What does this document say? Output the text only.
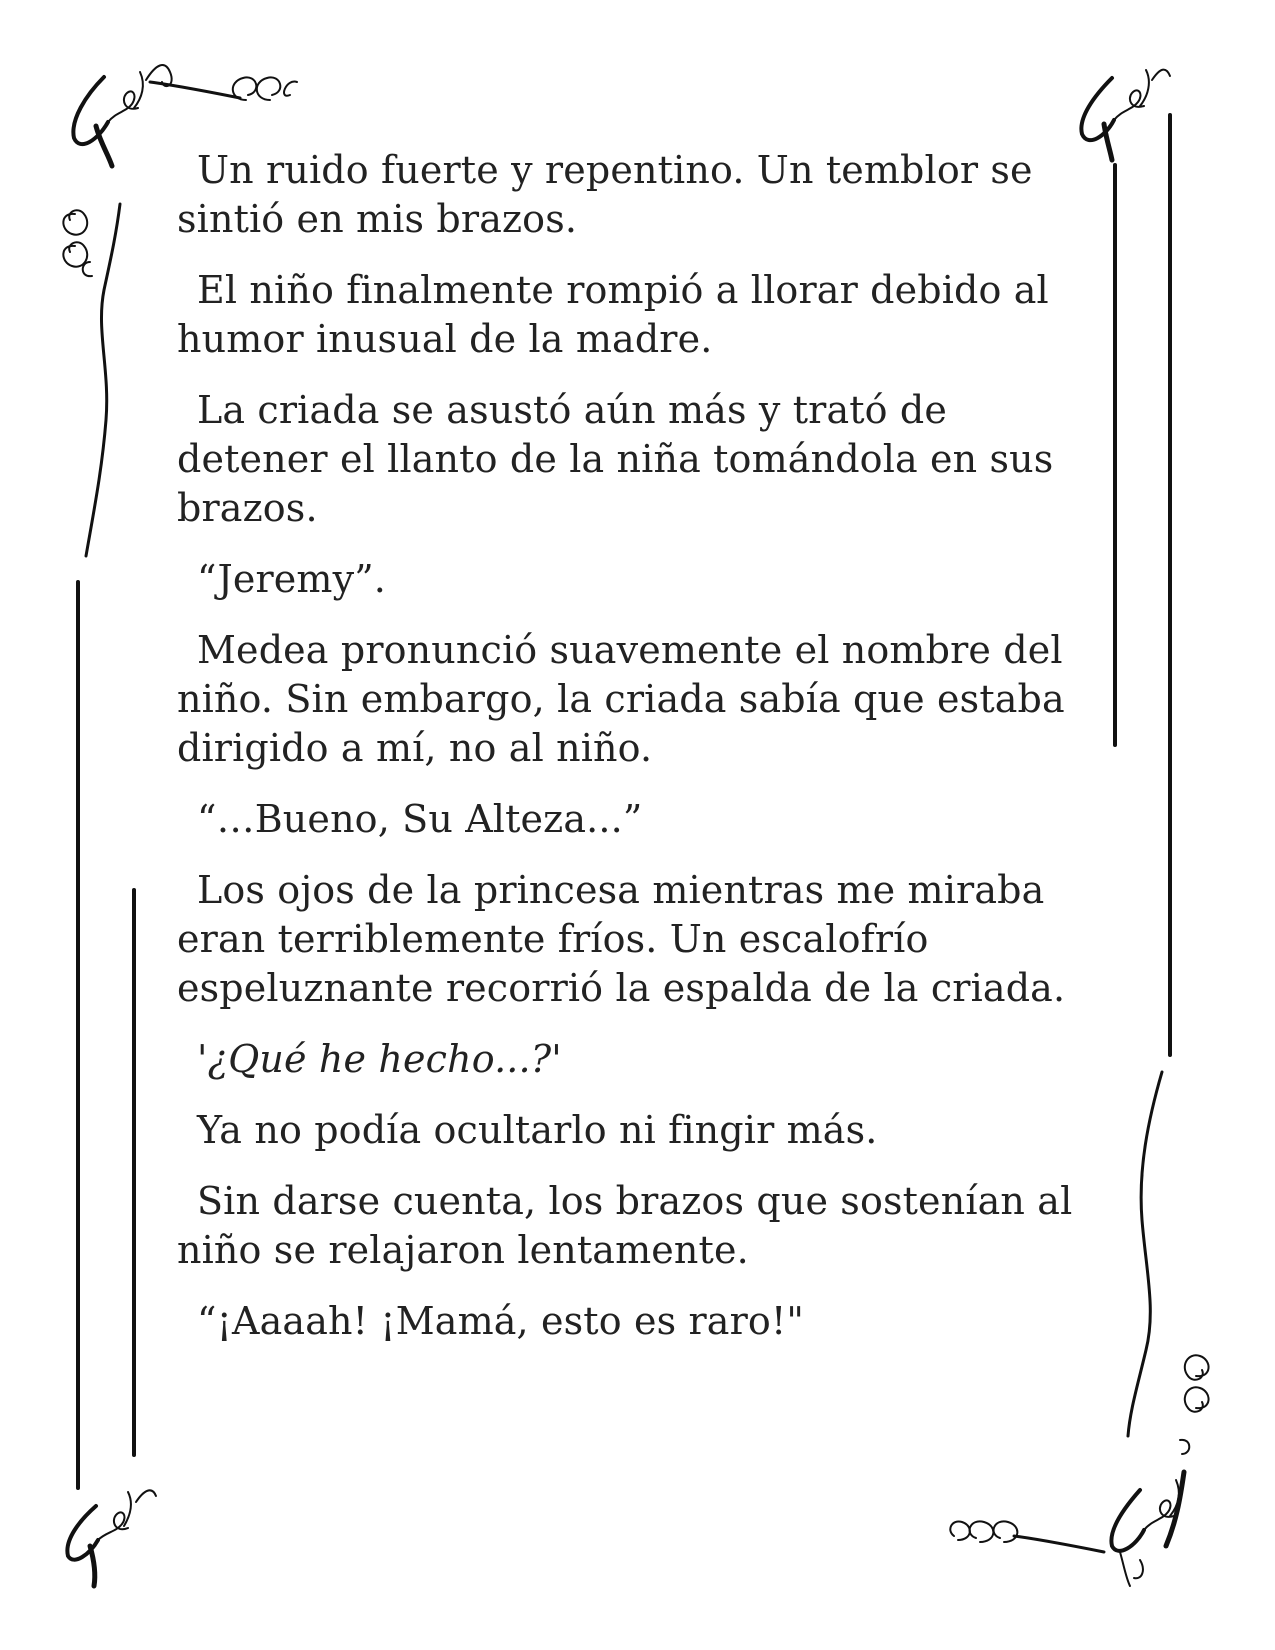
Un ruido fuerte y repentino. Un temblor se sintió en mis brazos.

El niño finalmente rompió a llorar debido al humor inusual de la madre.

La criada se asustó aún más y trató de detener el llanto de la niña tomándola en sus brazos.

“Jeremy”.

Medea pronunció suavemente el nombre del niño. Sin embargo, la criada sabía que estaba dirigido a mí, no al niño.

“…Bueno, Su Alteza...”

Los ojos de la princesa mientras me miraba eran terriblemente fríos. Un escalofrío espeluznante recorrió la espalda de la criada.

'¿Qué he hecho...?'

Ya no podía ocultarlo ni fingir más.

Sin darse cuenta, los brazos que sostenían al niño se relajaron lentamente.

“¡Aaaah! ¡Mamá, esto es raro!"
